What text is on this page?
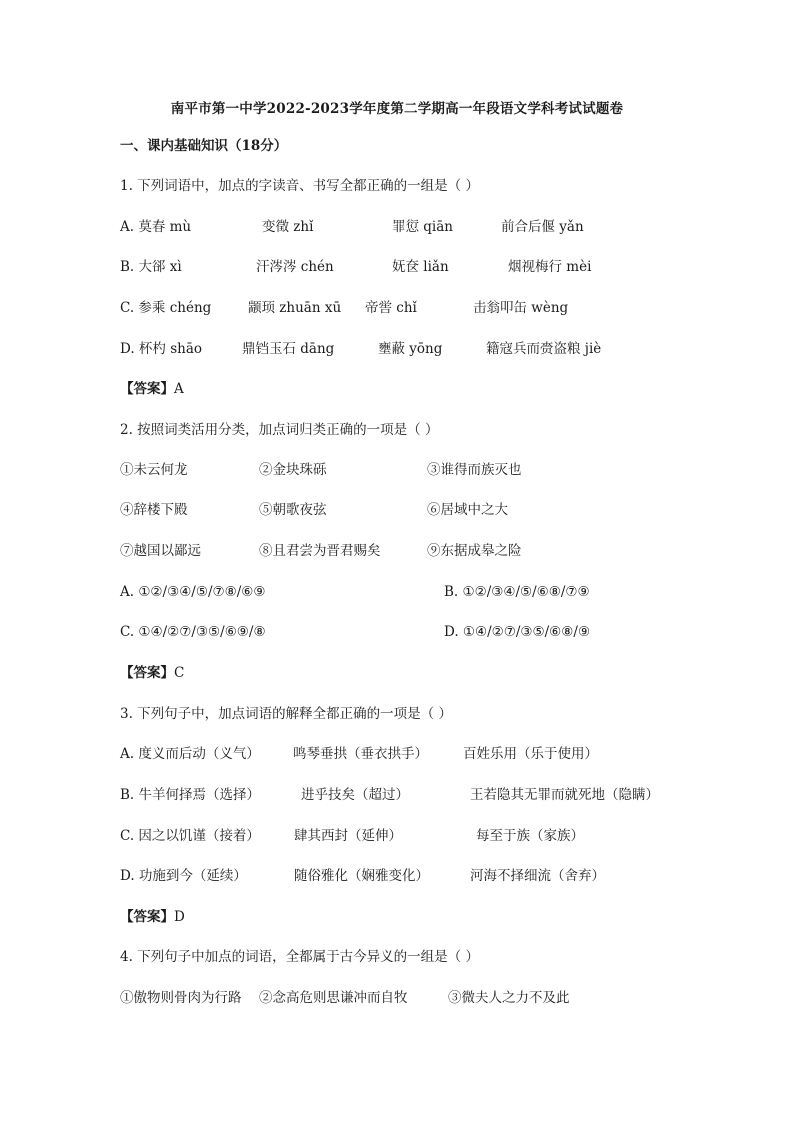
南平市第一中学2022-2023学年度第二学期高一年段语文学科考试试题卷
一、课内基础知识（18分）
1. 下列词语中，加点的字读音、书写全都正确的一组是（ ）
A. 莫春 mù	变徵 zhǐ	罪愆 qiān	前合后偃 yǎn
B. 大郤 xì	汗涔涔 chén	妩奁 liǎn	烟视梅行 mèi
C. 参乘 chéng	颛顼 zhuān xū 帝喾 chǐ	击翁叩缶 wèng
D. 杯杓 shāo	鼎铛玉石 dāng	壅蔽 yōng	籍寇兵而赍盗粮 jiè
【答案】A
2. 按照词类活用分类，加点词归类正确的一项是（ ）
①未云何龙	②金块珠砾	③谁得而族灭也
④辞楼下殿	⑤朝歌夜弦	⑥居域中之大
⑦越国以鄙远	⑧且君尝为晋君赐矣	⑨东据成皋之险
A. ①②/③④/⑤/⑦⑧/⑥⑨	B. ①②/③④/⑤/⑥⑧/⑦⑨
C. ①④/②⑦/③⑤/⑥⑨/⑧	D. ①④/②⑦/③⑤/⑥⑧/⑨
【答案】C
3. 下列句子中，加点词语的解释全都正确的一项是（ ）
A. 度义而后动（义气） 鸣琴垂拱（垂衣拱手）	百姓乐用（乐于使用）
B. 牛羊何择焉（选择）	进乎技矣（超过）	王若隐其无罪而就死地（隐瞒）
C. 因之以饥谨（接着）	肆其西封（延伸）	每至于族（家族）
D. 功施到今（延续）	随俗雅化（娴雅变化）	河海不择细流（舍弃）
【答案】D
4. 下列句子中加点的词语，全都属于古今异义的一组是（ ）
①傲物则骨肉为行路 ②念高危则思谦冲而自牧	③微夫人之力不及此
